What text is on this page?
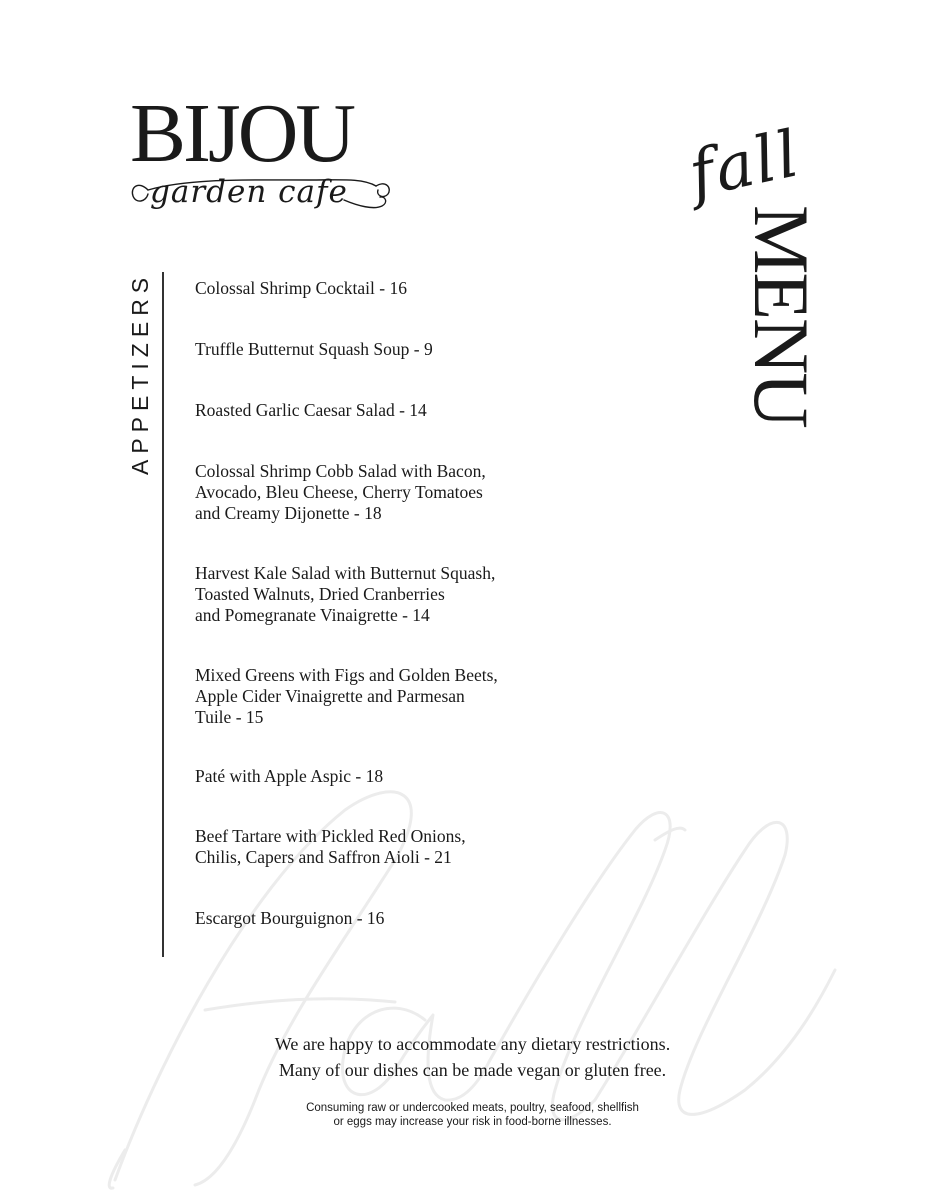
BIJOU
garden cafe	fall
MENU
APPETIZERS Colossal Shrimp Cocktail - 16
Truffle Butternut Squash Soup - 9
Roasted Garlic Caesar Salad - 14
Colossal Shrimp Cobb Salad with Bacon,
Avocado, Bleu Cheese, Cherry Tomatoes
and Creamy Dijonette - 18
Harvest Kale Salad with Butternut Squash,
Toasted Walnuts, Dried Cranberries
and Pomegranate Vinaigrette - 14
Mixed Greens with Figs and Golden Beets,
Apple Cider Vinaigrette and Parmesan
Tuile - 15
Paté with Apple Aspic - 18
Beef Tartare with Pickled Red Onions,
Chilis, Capers and Saffron Aioli - 21
Escargot Bourguignon - 16
We are happy to accommodate any dietary restrictions.
Many of our dishes can be made vegan or gluten free.
Consuming raw or undercooked meats, poultry, seafood, shellfish
or eggs may increase your risk in food-borne illnesses.
